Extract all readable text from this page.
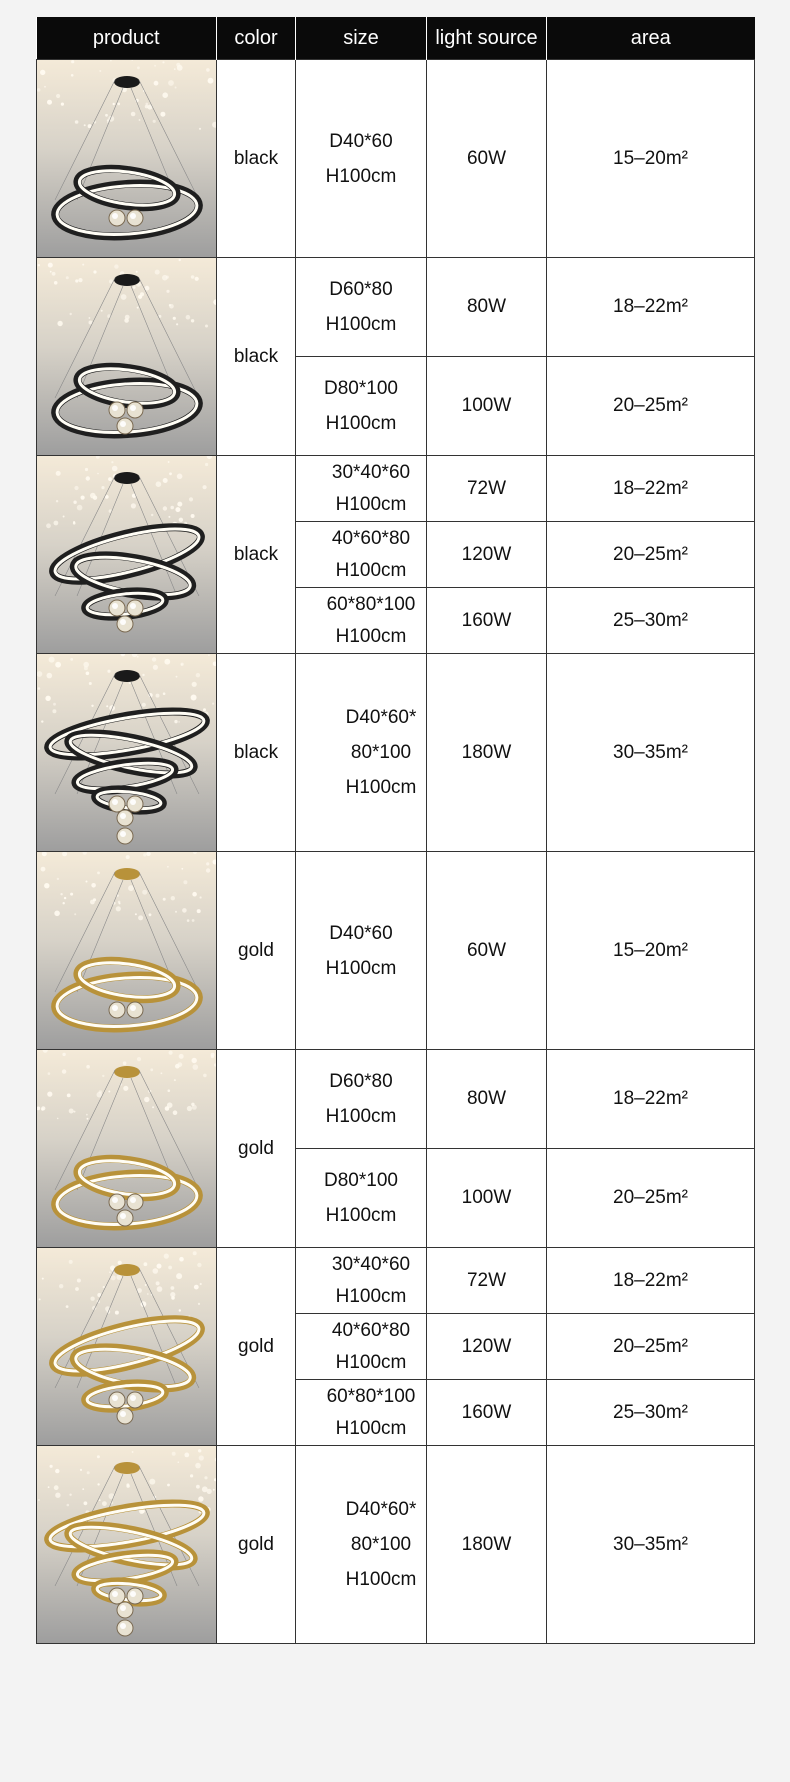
product	color	size	light source	area

	black	D40*60
H100cm	60W	15–20m²

	black	D60*80
H100cm	80W	18–22m²

		D80*100
H100cm	100W	20–25m²

	black	30*40*60
H100cm	72W	18–22m²

		40*60*80
H100cm	120W	20–25m²

		60*80*100
H100cm	160W	25–30m²

	black	D40*60*
80*100
H100cm	180W	30–35m²

	gold	D40*60
H100cm	60W	15–20m²

	gold	D60*80
H100cm	80W	18–22m²

		D80*100
H100cm	100W	20–25m²

	gold	30*40*60
H100cm	72W	18–22m²

		40*60*80
H100cm	120W	20–25m²

		60*80*100
H100cm	160W	25–30m²

	gold	D40*60*
80*100
H100cm	180W	30–35m²
